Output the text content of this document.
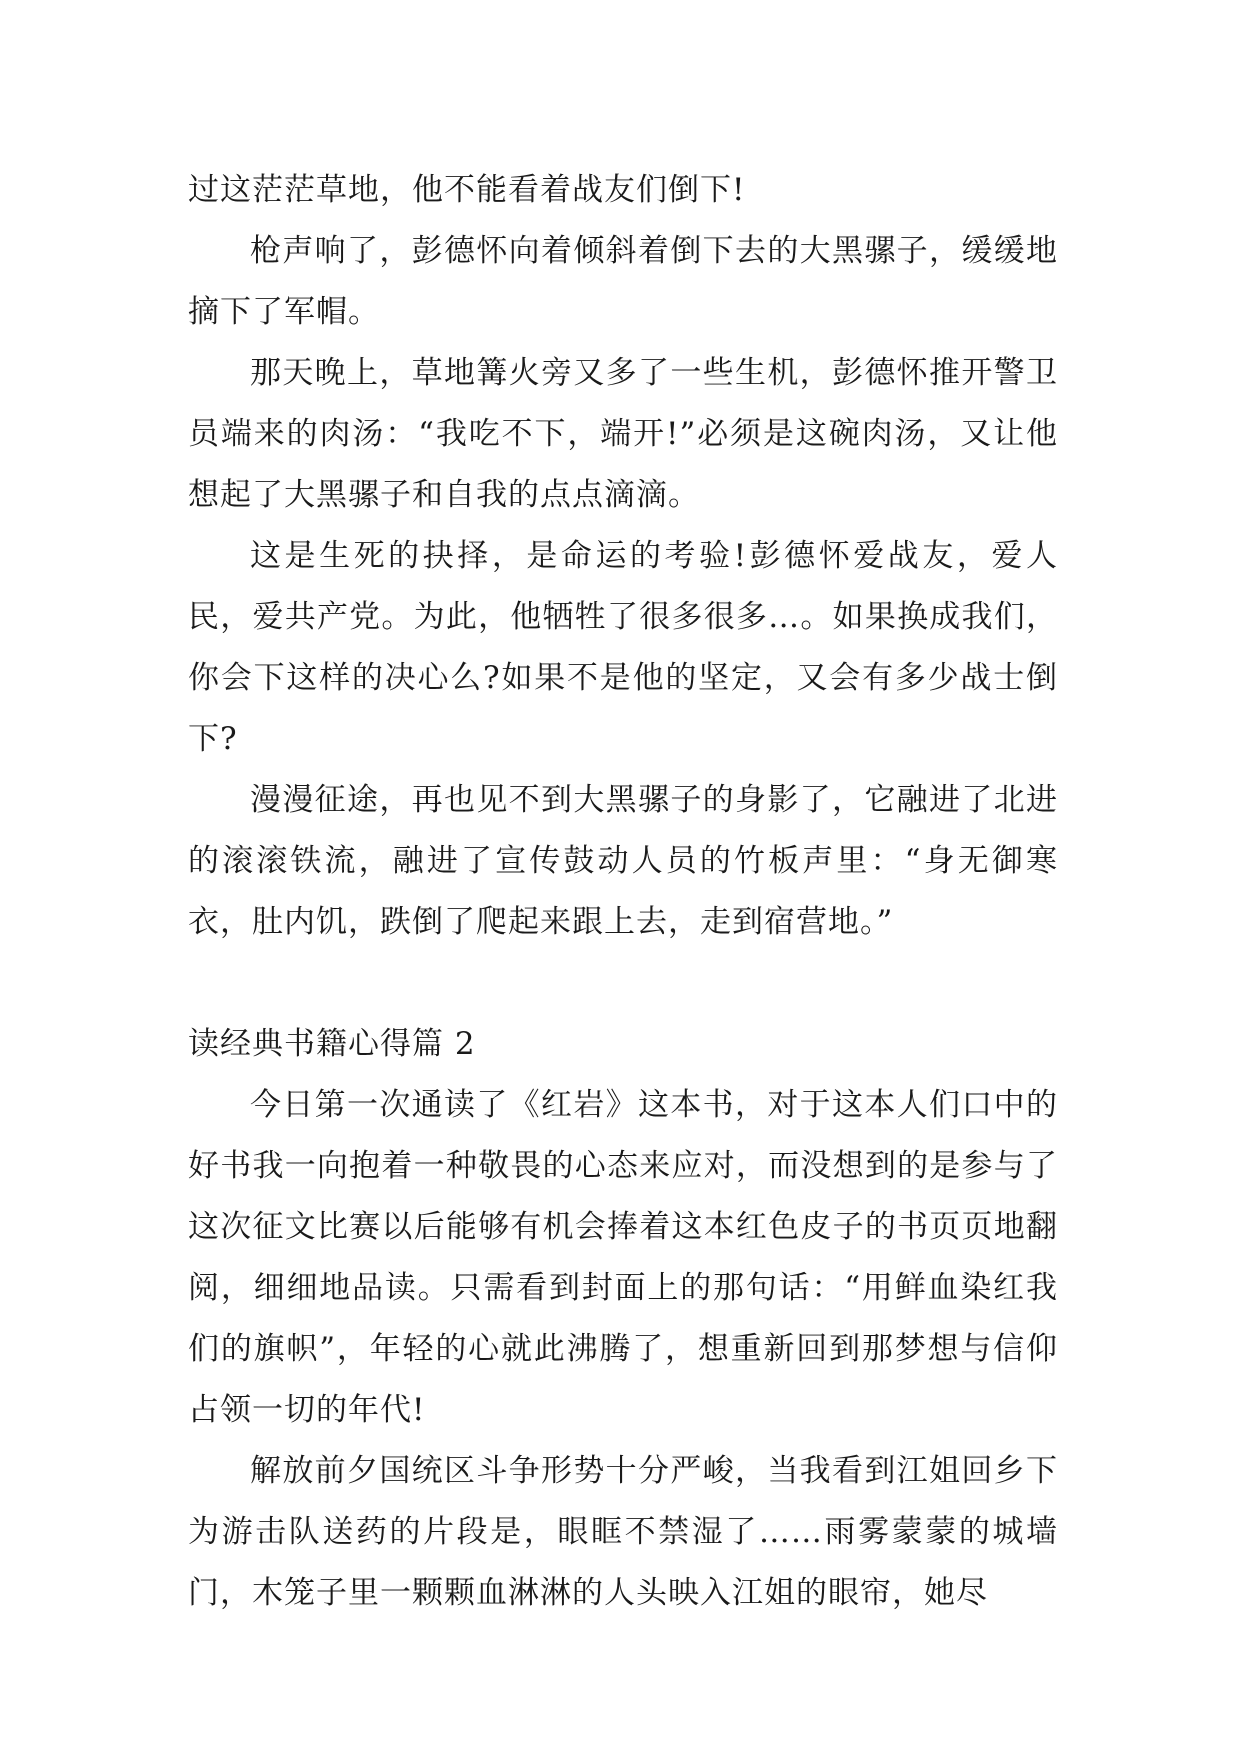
过这茫茫草地，他不能看着战友们倒下!

枪声响了，彭德怀向着倾斜着倒下去的大黑骡子，缓缓地摘下了军帽。

那天晚上，草地篝火旁又多了一些生机，彭德怀推开警卫员端来的肉汤：“我吃不下，端开!”必须是这碗肉汤，又让他想起了大黑骡子和自我的点点滴滴。

这是生死的抉择，是命运的考验!彭德怀爱战友，爱人民，爱共产党。为此，他牺牲了很多很多…。如果换成我们，你会下这样的决心么?如果不是他的坚定，又会有多少战士倒下?

漫漫征途，再也见不到大黑骡子的身影了，它融进了北进的滚滚铁流，融进了宣传鼓动人员的竹板声里：“身无御寒衣，肚内饥，跌倒了爬起来跟上去，走到宿营地。”

读经典书籍心得篇 2

今日第一次通读了《红岩》这本书，对于这本人们口中的好书我一向抱着一种敬畏的心态来应对，而没想到的是参与了这次征文比赛以后能够有机会捧着这本红色皮子的书页页地翻阅，细细地品读。只需看到封面上的那句话：“用鲜血染红我们的旗帜”，年轻的心就此沸腾了，想重新回到那梦想与信仰占领一切的年代!

解放前夕国统区斗争形势十分严峻，当我看到江姐回乡下为游击队送药的片段是，眼眶不禁湿了……雨雾蒙蒙的城墙门，木笼子里一颗颗血淋淋的人头映入江姐的眼帘，她尽
